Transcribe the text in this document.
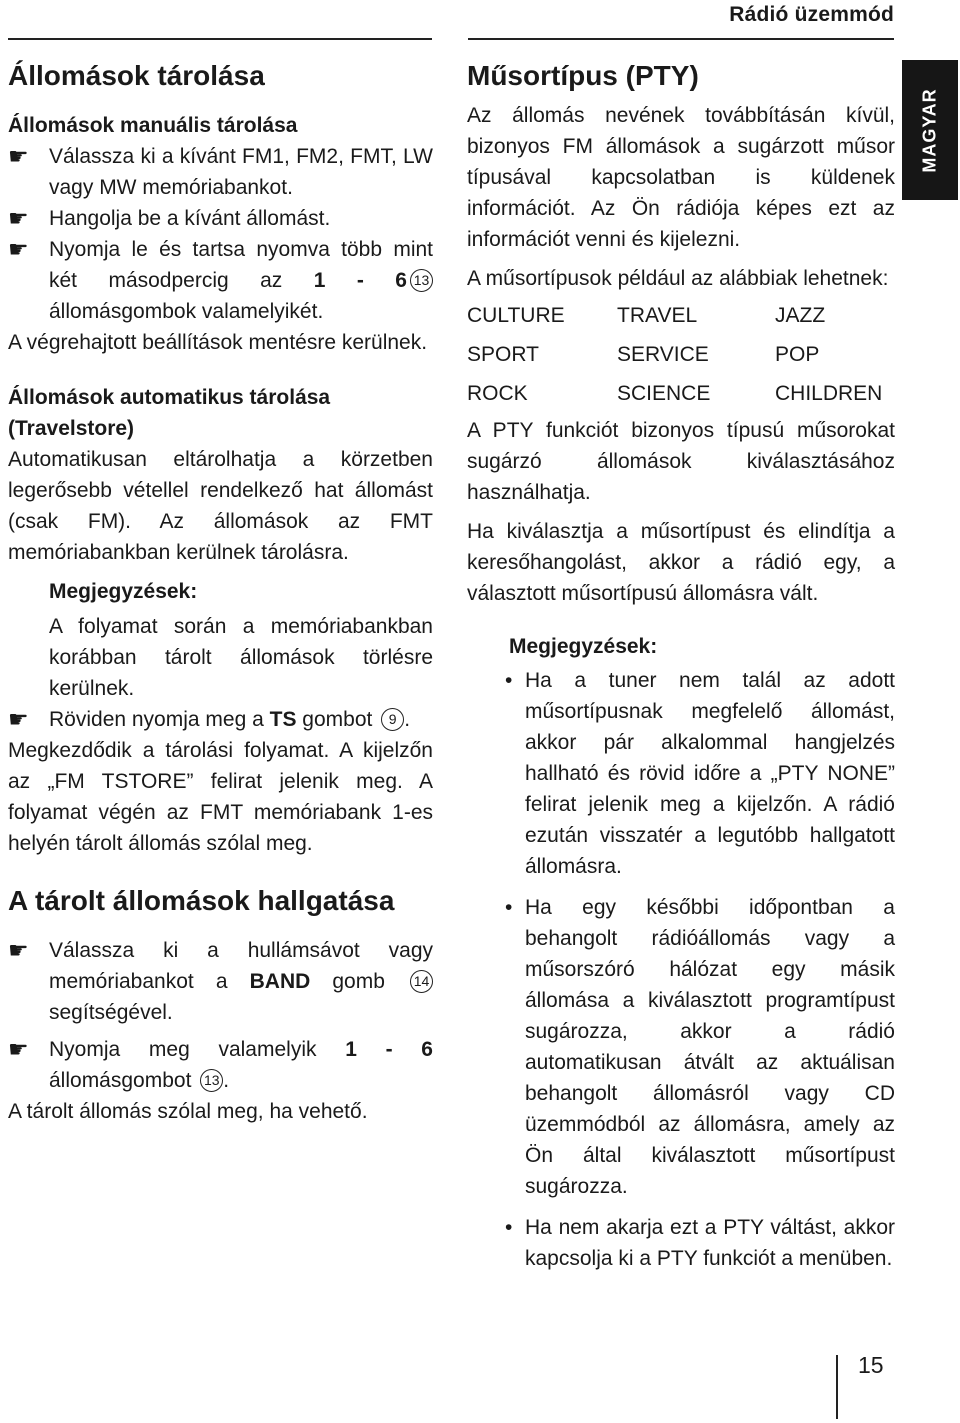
Rádió üzemmód
MAGYAR
Állomások tárolása
Állomások manuális tárolása
☛ Válassza ki a kívánt FM1, FM2, FMT, LW vagy MW memóriabankot.

☛ Hangolja be a kívánt állomást.

☛ Nyomja le és tartsa nyomva több mint két másodpercig az 1 - 6 13 állomásgombok valamelyikét.

A végrehajtott beállítások mentésre kerülnek.

Állomások automatikus tárolása
(Travelstore)

Automatikusan eltárolhatja a körzetben legerősebb vétellel rendelkező hat állomást (csak FM). Az állomások az FMT memóriabankban kerülnek tárolásra.

Megjegyzések:

A folyamat során a memóriabankban korábban tárolt állomások törlésre kerülnek.

☛ Röviden nyomja meg a TS gombot 9 .

Megkezdődik a tárolási folyamat. A kijelzőn az „FM TSTORE” felirat jelenik meg. A folyamat végén az FMT memóriabank 1-es helyén tárolt állomás szólal meg.

A tárolt állomások hallgatása
☛ Válassza ki a hullámsávot vagy memóriabankot a BAND gomb 14 segítségével.

☛ Nyomja meg valamelyik 1 - 6 állomásgombot 13 .

A tárolt állomás szólal meg, ha vehető.

Műsortípus (PTY)

Az állomás nevének továbbításán kívül, bizonyos FM állomások a sugárzott műsor típusával kapcsolatban is küldenek információt. Az Ön rádiója képes ezt az információt venni és kijelezni.

A műsortípusok például az alábbiak lehetnek:

CULTURE	TRAVEL	JAZZ
SPORT	SERVICE	POP
ROCK	SCIENCE	CHILDREN

A PTY funkciót bizonyos típusú műsorokat sugárzó állomások kiválasztásához használhatja.

Ha kiválasztja a műsortípust és elindítja a keresőhangolást, akkor a rádió egy, a választott műsortípusú állomásra vált.

Megjegyzések:
• Ha a tuner nem talál az adott műsortípusnak megfelelő állomást, akkor pár alkalommal hangjelzés hallható és rövid időre a „PTY NONE” felirat jelenik meg a kijelzőn. A rádió ezután visszatér a legutóbb hallgatott állomásra.
• Ha egy későbbi időpontban a behangolt rádióállomás vagy a műsorszóró hálózat egy másik állomása a kiválasztott programtípust sugározza, akkor a rádió automatikusan átvált az aktuálisan behangolt állomásról vagy CD üzemmódból az állomásra, amely az Ön által kiválasztott műsortípust sugározza.
• Ha nem akarja ezt a PTY váltást, akkor kapcsolja ki a PTY funkciót a menüben.
15
